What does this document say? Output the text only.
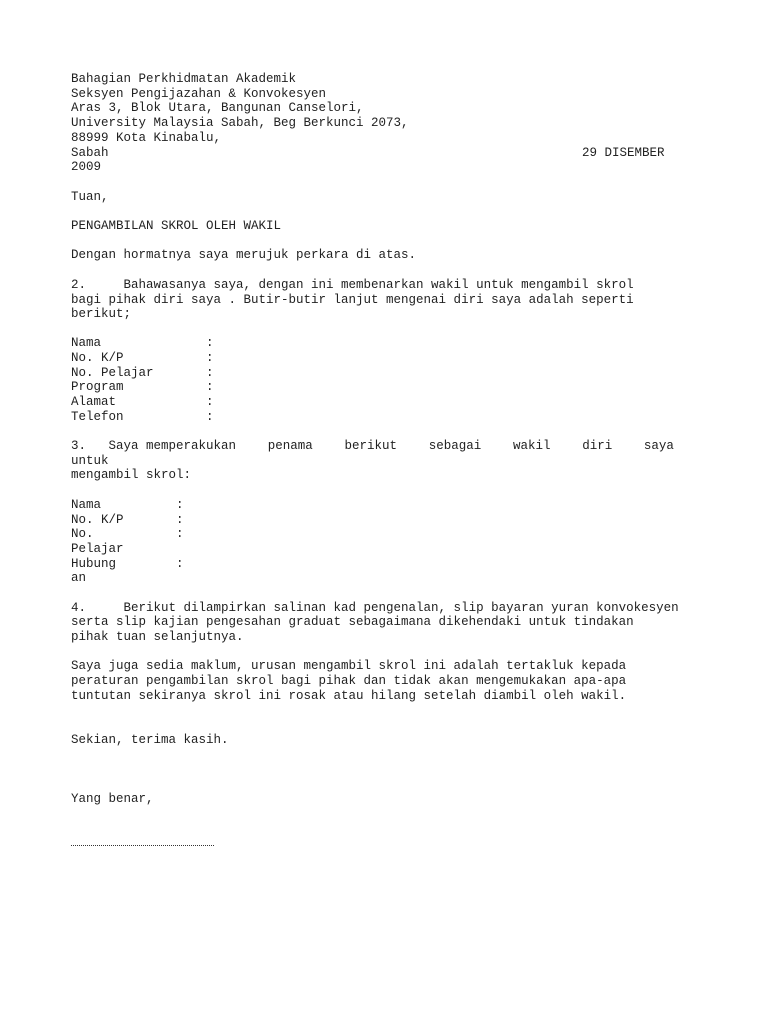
Bahagian Perkhidmatan Akademik
Seksyen Pengijazahan & Konvokesyen
Aras 3, Blok Utara, Bangunan Canselori,
University Malaysia Sabah, Beg Berkunci 2073,
88999 Kota Kinabalu,
Sabah	29 DISEMBER
2009
Tuan,
PENGAMBILAN SKROL OLEH WAKIL
Dengan hormatnya saya merujuk perkara di atas.
2.     Bahawasanya saya, dengan ini membenarkan wakil untuk mengambil skrol
bagi pihak diri saya . Butir-butir lanjut mengenai diri saya adalah seperti
berikut;
Nama              :
No. K/P           :
No. Pelajar       :
Program           :
Alamat            :
Telefon           :
3.   Saya memperakukan	penama	berikut	sebagai	wakil	diri	saya
untuk
mengambil skrol:
Nama          :
No. K/P       :
No.           :
Pelajar
Hubung        :
an
4.     Berikut dilampirkan salinan kad pengenalan, slip bayaran yuran konvokesyen
serta slip kajian pengesahan graduat sebagaimana dikehendaki untuk tindakan
pihak tuan selanjutnya.
Saya juga sedia maklum, urusan mengambil skrol ini adalah tertakluk kepada
peraturan pengambilan skrol bagi pihak dan tidak akan mengemukakan apa-apa
tuntutan sekiranya skrol ini rosak atau hilang setelah diambil oleh wakil.
Sekian, terima kasih.
Yang benar,
